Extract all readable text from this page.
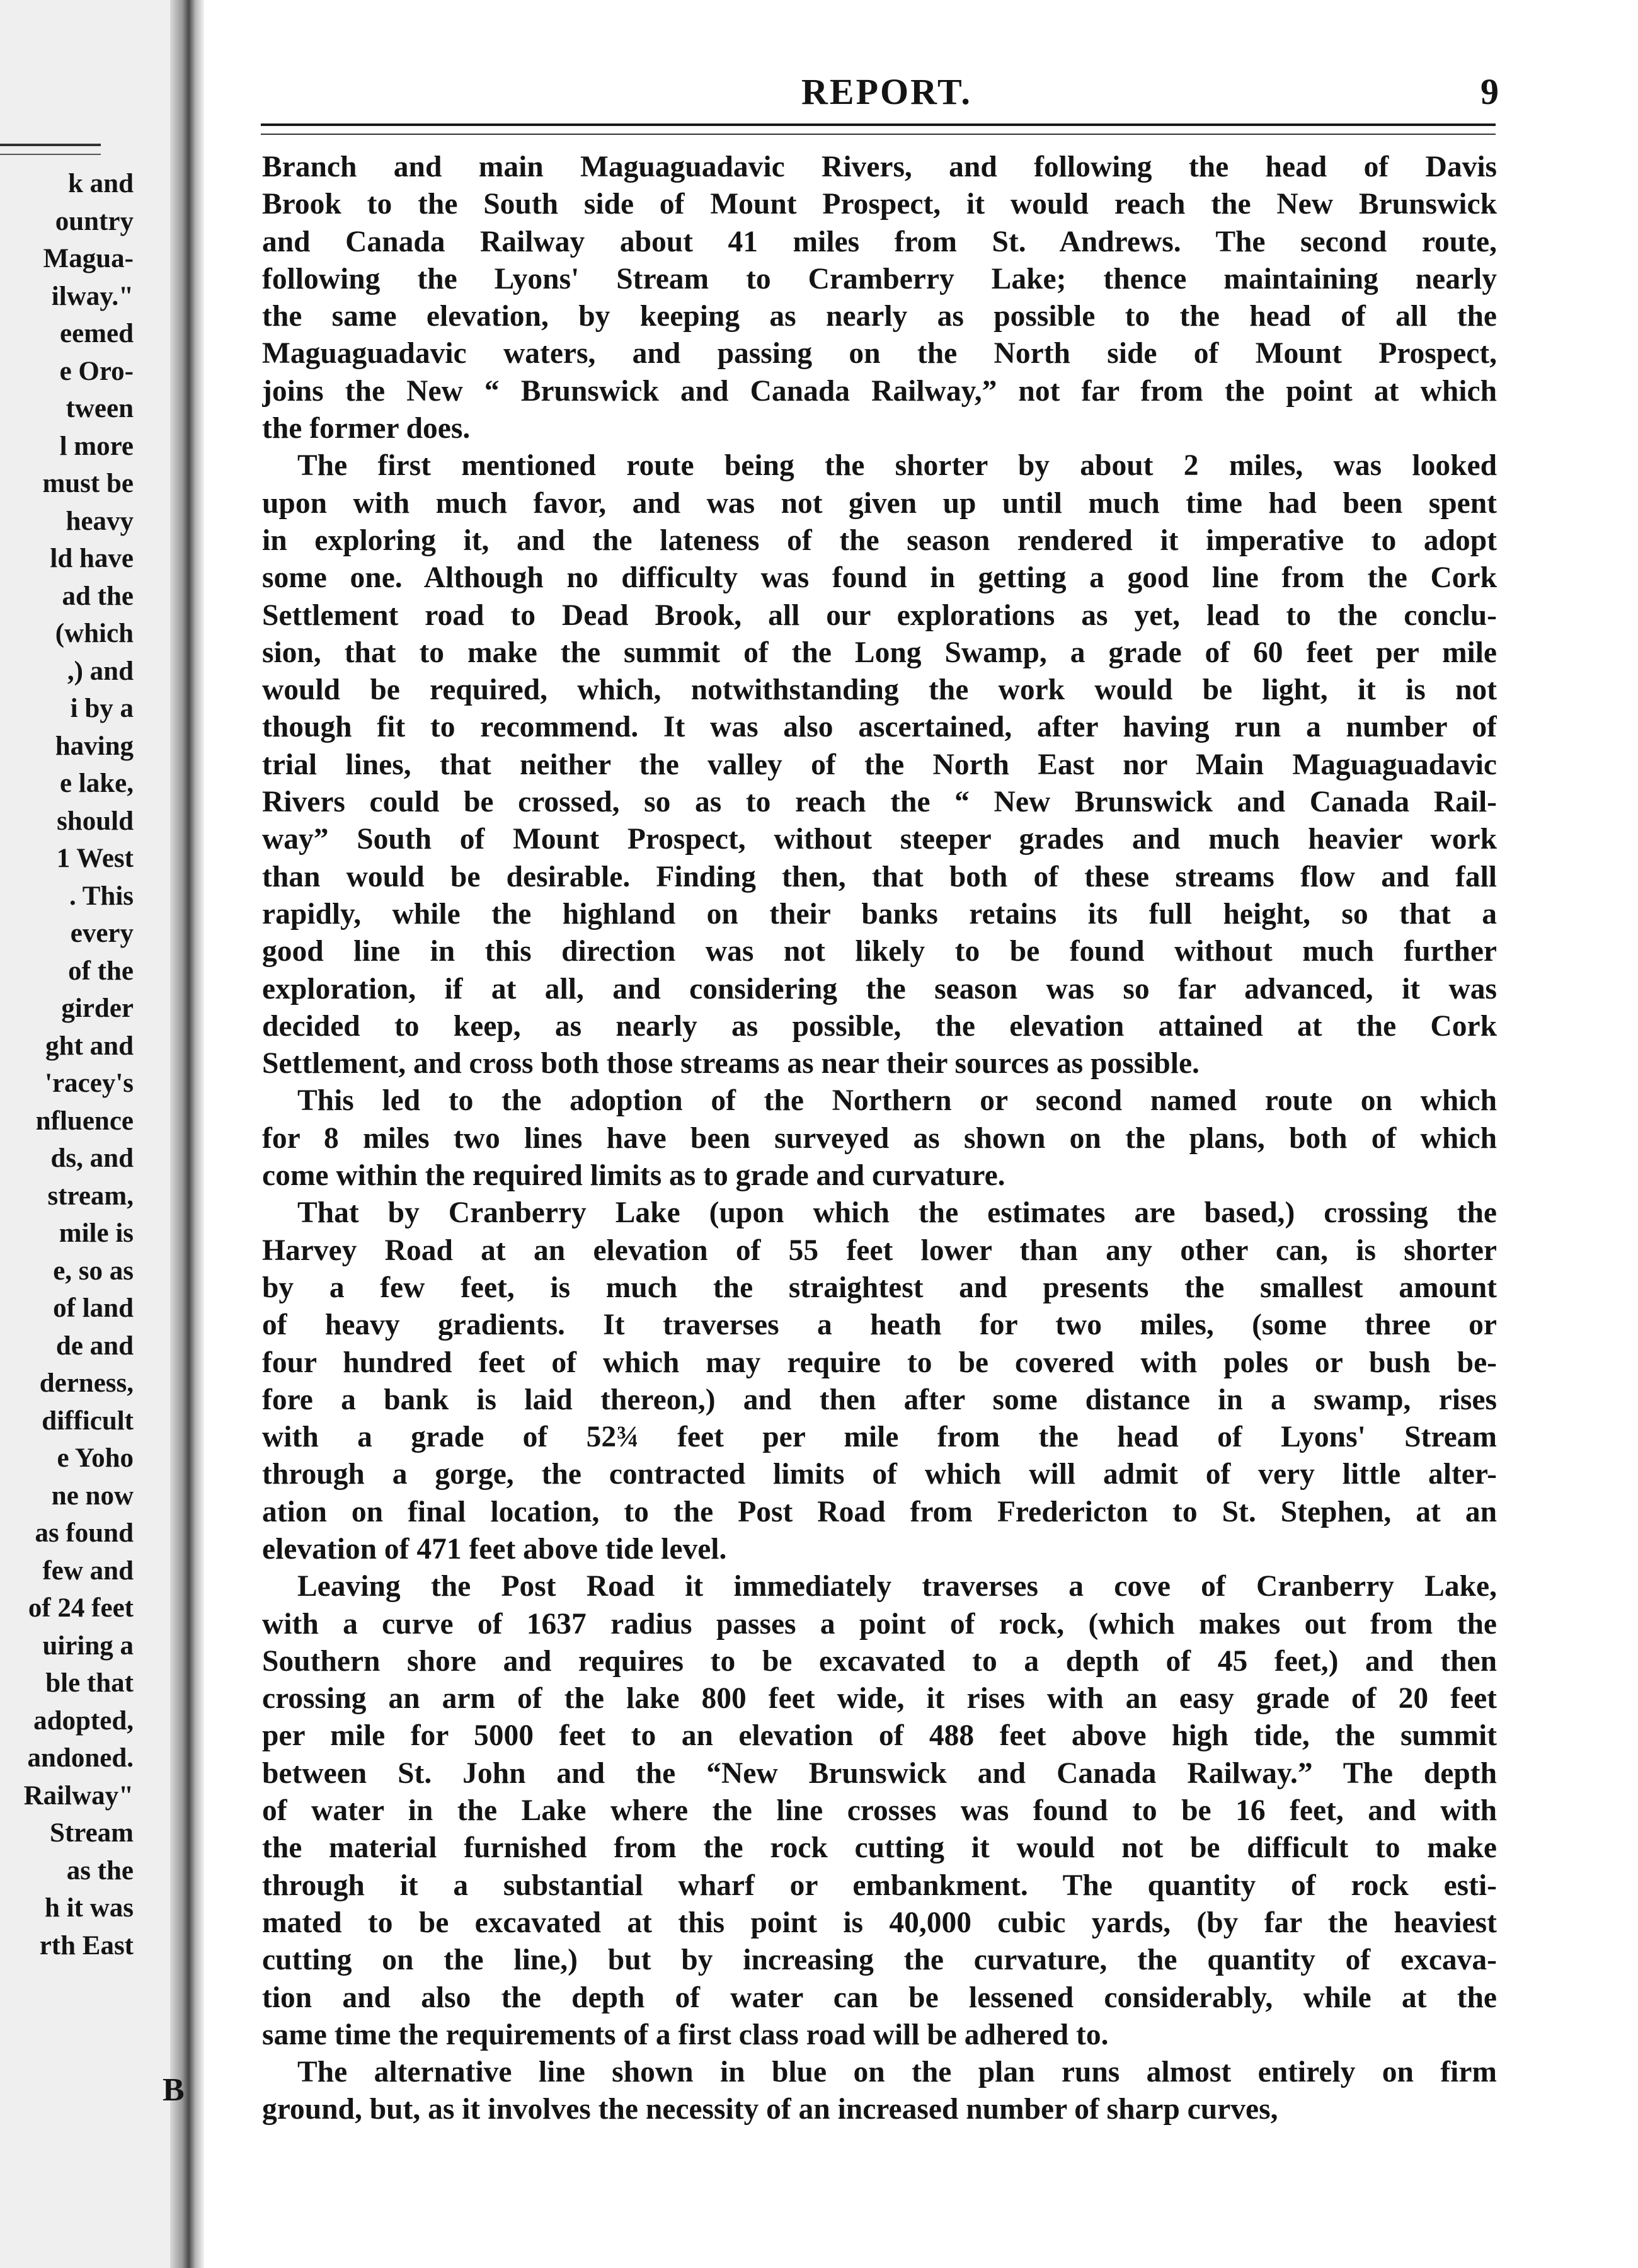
k and
ountry
Magua-
ilway."
eemed
e Oro-
tween
l more
must be
heavy
ld have
ad the
(which
,) and
i by a
having
e lake,
should
1 West
. This
every
of the
girder
ght and
'racey's
nfluence
ds, and
stream,
mile is
e, so as
of land
de and
derness,
difficult
e Yoho
ne now
as found
few and
of 24 feet
uiring a
ble that
adopted,
andoned.
Railway"
Stream
as the
h it was
rth East
REPORT.	9
Branch and main Maguaguadavic Rivers, and following the head of Davis
Brook to the South side of Mount Prospect, it would reach the New Brunswick
and Canada Railway about 41 miles from St. Andrews. The second route,
following the Lyons' Stream to Cramberry Lake; thence maintaining nearly
the same elevation, by keeping as nearly as possible to the head of all the
Maguaguadavic waters, and passing on the North side of Mount Prospect,
joins the New “ Brunswick and Canada Railway,” not far from the point at which
the former does.
The first mentioned route being the shorter by about 2 miles, was looked
upon with much favor, and was not given up until much time had been spent
in exploring it, and the lateness of the season rendered it imperative to adopt
some one. Although no difficulty was found in getting a good line from the Cork
Settlement road to Dead Brook, all our explorations as yet, lead to the conclu-
sion, that to make the summit of the Long Swamp, a grade of 60 feet per mile
would be required, which, notwithstanding the work would be light, it is not
though fit to recommend. It was also ascertained, after having run a number of
trial lines, that neither the valley of the North East nor Main Maguaguadavic
Rivers could be crossed, so as to reach the “ New Brunswick and Canada Rail-
way” South of Mount Prospect, without steeper grades and much heavier work
than would be desirable. Finding then, that both of these streams flow and fall
rapidly, while the highland on their banks retains its full height, so that a
good line in this direction was not likely to be found without much further
exploration, if at all, and considering the season was so far advanced, it was
decided to keep, as nearly as possible, the elevation attained at the Cork
Settlement, and cross both those streams as near their sources as possible.
This led to the adoption of the Northern or second named route on which
for 8 miles two lines have been surveyed as shown on the plans, both of which
come within the required limits as to grade and curvature.
That by Cranberry Lake (upon which the estimates are based,) crossing the
Harvey Road at an elevation of 55 feet lower than any other can, is shorter
by a few feet, is much the straightest and presents the smallest amount
of heavy gradients. It traverses a heath for two miles, (some three or
four hundred feet of which may require to be covered with poles or bush be-
fore a bank is laid thereon,) and then after some distance in a swamp, rises
with a grade of 52¾ feet per mile from the head of Lyons' Stream
through a gorge, the contracted limits of which will admit of very little alter-
ation on final location, to the Post Road from Fredericton to St. Stephen, at an
elevation of 471 feet above tide level.
Leaving the Post Road it immediately traverses a cove of Cranberry Lake,
with a curve of 1637 radius passes a point of rock, (which makes out from the
Southern shore and requires to be excavated to a depth of 45 feet,) and then
crossing an arm of the lake 800 feet wide, it rises with an easy grade of 20 feet
per mile for 5000 feet to an elevation of 488 feet above high tide, the summit
between St. John and the “New Brunswick and Canada Railway.” The depth
of water in the Lake where the line crosses was found to be 16 feet, and with
the material furnished from the rock cutting it would not be difficult to make
through it a substantial wharf or embankment. The quantity of rock esti-
mated to be excavated at this point is 40,000 cubic yards, (by far the heaviest
cutting on the line,) but by increasing the curvature, the quantity of excava-
tion and also the depth of water can be lessened considerably, while at the
same time the requirements of a first class road will be adhered to.
The alternative line shown in blue on the plan runs almost entirely on firm
ground, but, as it involves the necessity of an increased number of sharp curves,
B
